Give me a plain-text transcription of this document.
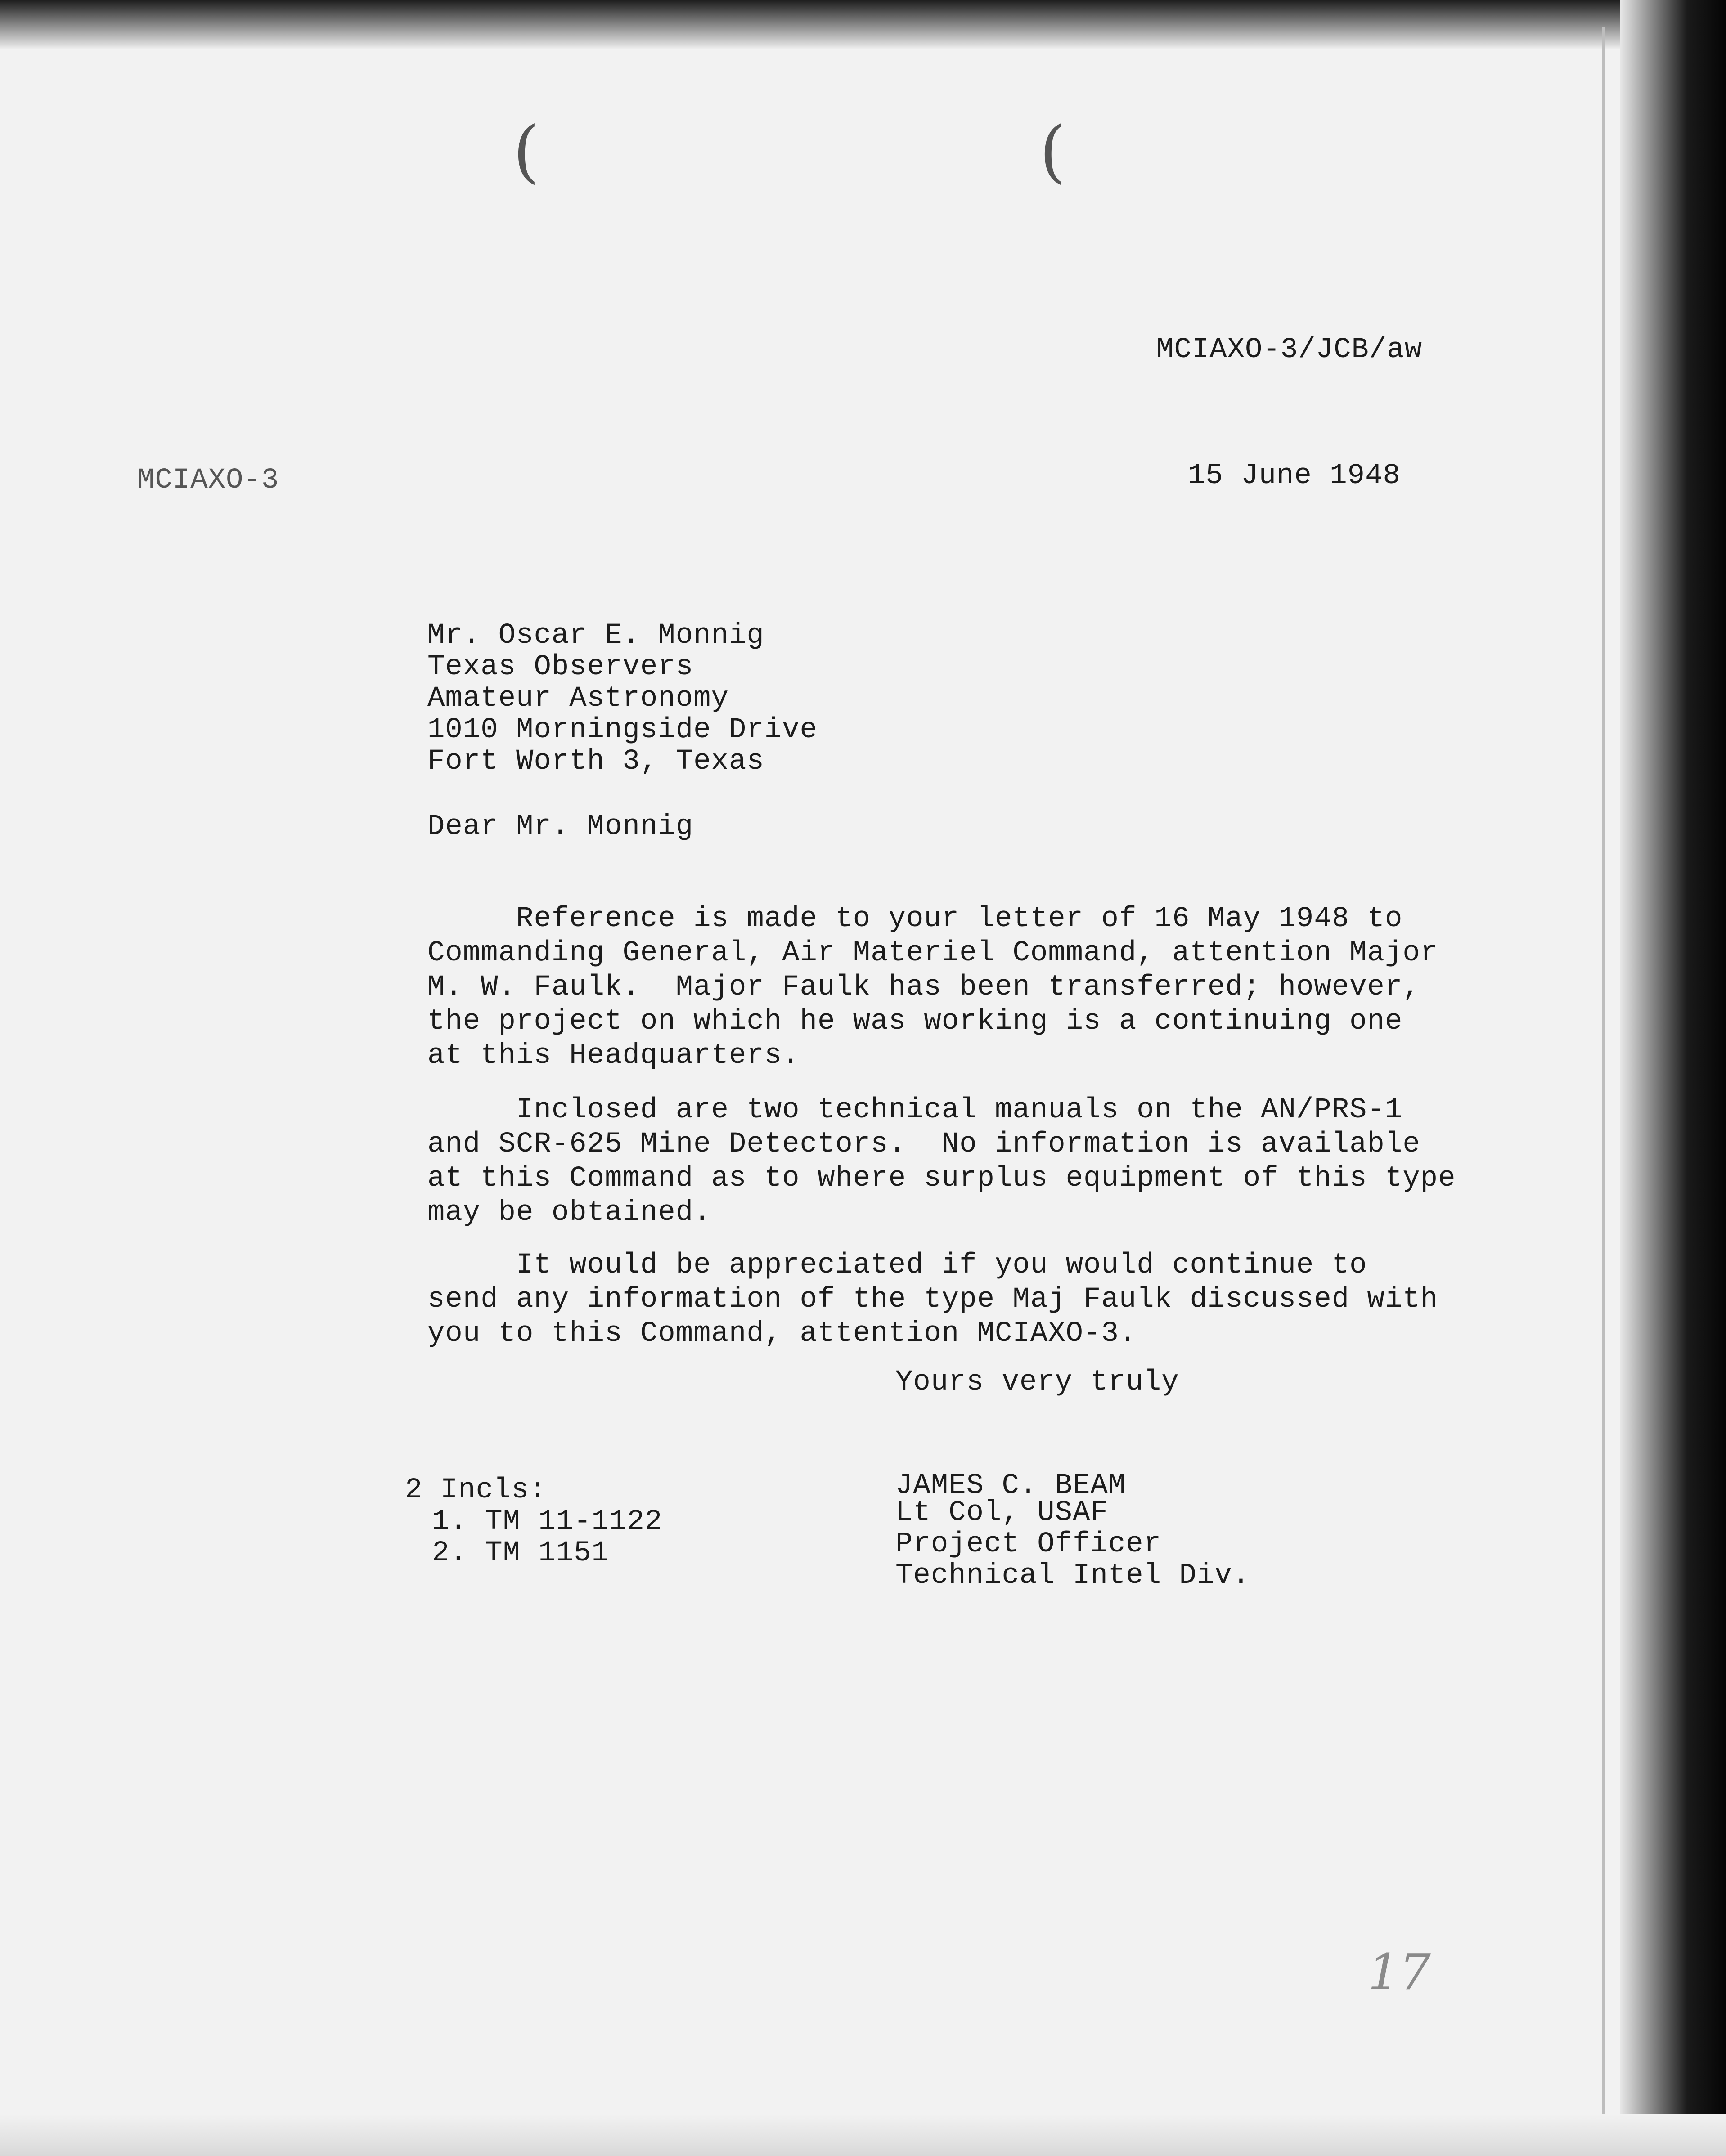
(	(
MCIAXO-3/JCB/aw
MCIAXO-3	15 June 1948
Mr. Oscar E. Monnig
Texas Observers
Amateur Astronomy
1010 Morningside Drive
Fort Worth 3, Texas
Dear Mr. Monnig
Reference is made to your letter of 16 May 1948 to
Commanding General, Air Materiel Command, attention Major
M. W. Faulk.  Major Faulk has been transferred; however,
the project on which he was working is a continuing one
at this Headquarters.
Inclosed are two technical manuals on the AN/PRS-1
and SCR-625 Mine Detectors.  No information is available
at this Command as to where surplus equipment of this type
may be obtained.
It would be appreciated if you would continue to
send any information of the type Maj Faulk discussed with
you to this Command, attention MCIAXO-3.
Yours very truly
2 Incls:
1. TM 11-1122
2. TM 1151
JAMES C. BEAM
Lt Col, USAF
Project Officer
Technical Intel Div.
17
